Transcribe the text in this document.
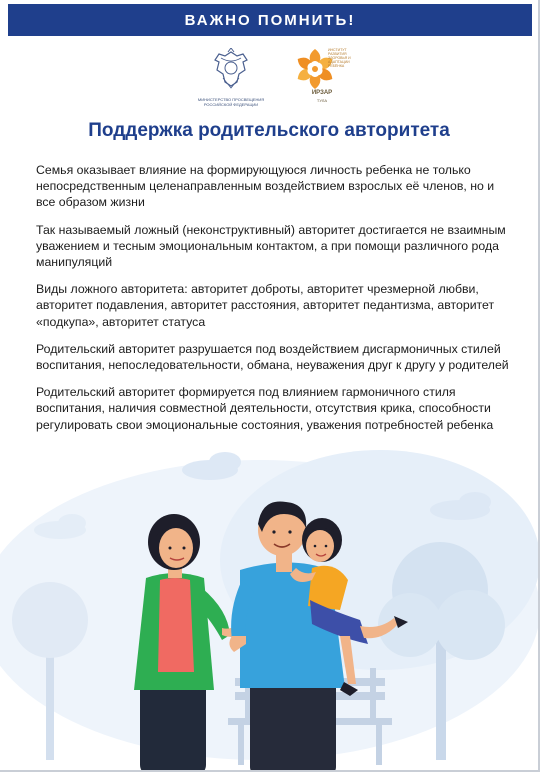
ВАЖНО ПОМНИТЬ!
МИНИСТЕРСТВО ПРОСВЕЩЕНИЯ РОССИЙСКОЙ ФЕДЕРАЦИИ
ИНСТИТУТ РАЗВИТИЯ ЗДОРОВЬЯ И АДАПТАЦИИ РЕБЁНКА
ИРЗАР
ТУЛА
Поддержка родительского авторитета

Семья оказывает влияние на формирующуюся личность ребенка не только непосредственным целенаправленным воздействием взрослых её членов, но и все образом жизни

Так называемый ложный (неконструктивный) авторитет достигается не взаимным уважением и тесным эмоциональным контактом, а при помощи различного рода манипуляций

Виды ложного авторитета: авторитет доброты, авторитет чрезмерной любви, авторитет подавления, авторитет расстояния, авторитет педантизма, авторитет «подкупа», авторитет статуса

Родительский авторитет разрушается под воздействием дисгармоничных стилей воспитания, непоследовательности, обмана, неуважения друг к другу у родителей

Родительский авторитет формируется под влиянием гармоничного стиля воспитания, наличия совместной деятельности, отсутствия крика, способности регулировать свои эмоциональные состояния, уважения потребностей ребенка
